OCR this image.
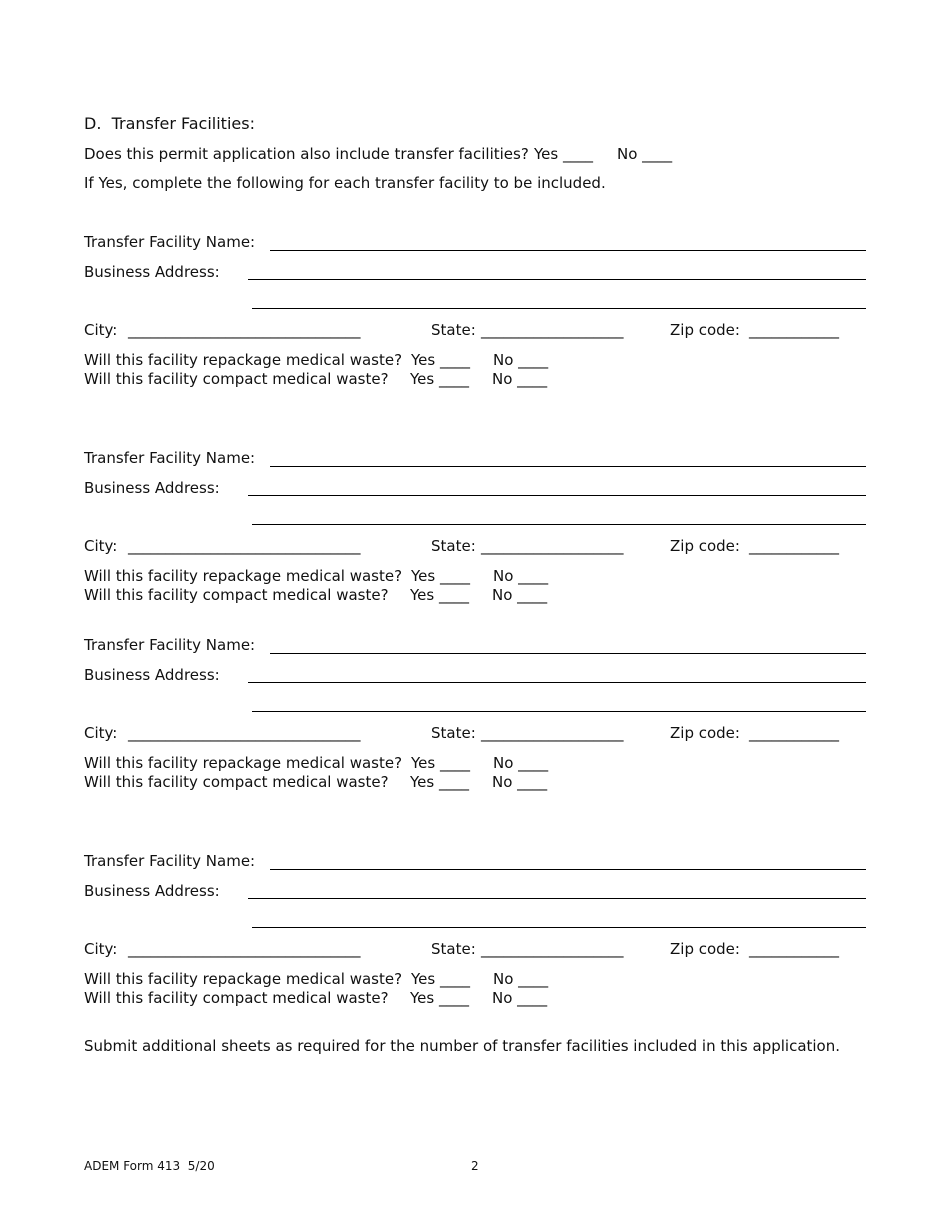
D.  Transfer Facilities:
Does this permit application also include transfer facilities? Yes ____ No ____
If Yes, complete the following for each transfer facility to be included.
Transfer Facility Name:
Business Address:
City: _______________________________	State: ___________________	Zip code: ____________
Will this facility repackage medical waste? Yes ____ No ____
Will this facility compact medical waste? Yes ____ No ____
Transfer Facility Name:
Business Address:
City: _______________________________	State: ___________________	Zip code: ____________
Will this facility repackage medical waste? Yes ____ No ____
Will this facility compact medical waste? Yes ____ No ____
Transfer Facility Name:
Business Address:
City: _______________________________	State: ___________________	Zip code: ____________
Will this facility repackage medical waste? Yes ____ No ____
Will this facility compact medical waste? Yes ____ No ____
Transfer Facility Name:
Business Address:
City: _______________________________	State: ___________________	Zip code: ____________
Will this facility repackage medical waste? Yes ____ No ____
Will this facility compact medical waste? Yes ____ No ____
Submit additional sheets as required for the number of transfer facilities included in this application.
ADEM Form 413  5/20	2
